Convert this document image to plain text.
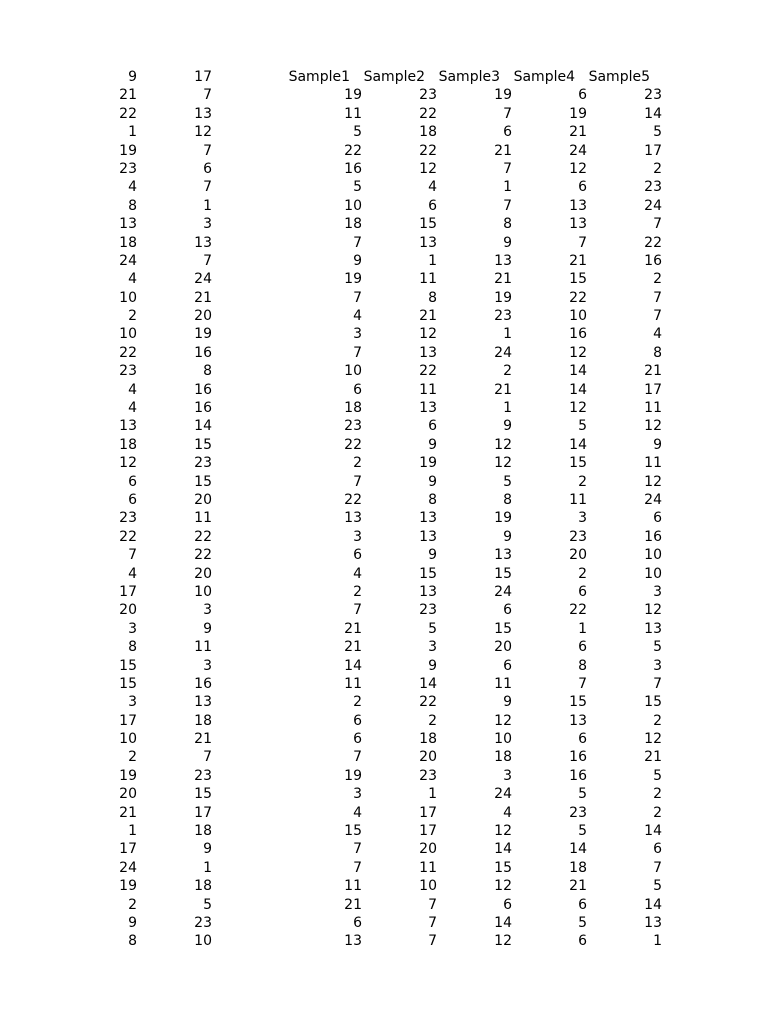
9	17	Sample1 Sample2 Sample3 Sample4 Sample5
21	7	19	23	19	6	23
22	13	11	22	7	19	14
1	12	5	18	6	21	5
19	7	22	22	21	24	17
23	6	16	12	7	12	2
4	7	5	4	1	6	23
8	1	10	6	7	13	24
13	3	18	15	8	13	7
18	13	7	13	9	7	22
24	7	9	1	13	21	16
4	24	19	11	21	15	2
10	21	7	8	19	22	7
2	20	4	21	23	10	7
10	19	3	12	1	16	4
22	16	7	13	24	12	8
23	8	10	22	2	14	21
4	16	6	11	21	14	17
4	16	18	13	1	12	11
13	14	23	6	9	5	12
18	15	22	9	12	14	9
12	23	2	19	12	15	11
6	15	7	9	5	2	12
6	20	22	8	8	11	24
23	11	13	13	19	3	6
22	22	3	13	9	23	16
7	22	6	9	13	20	10
4	20	4	15	15	2	10
17	10	2	13	24	6	3
20	3	7	23	6	22	12
3	9	21	5	15	1	13
8	11	21	3	20	6	5
15	3	14	9	6	8	3
15	16	11	14	11	7	7
3	13	2	22	9	15	15
17	18	6	2	12	13	2
10	21	6	18	10	6	12
2	7	7	20	18	16	21
19	23	19	23	3	16	5
20	15	3	1	24	5	2
21	17	4	17	4	23	2
1	18	15	17	12	5	14
17	9	7	20	14	14	6
24	1	7	11	15	18	7
19	18	11	10	12	21	5
2	5	21	7	6	6	14
9	23	6	7	14	5	13
8	10	13	7	12	6	1
